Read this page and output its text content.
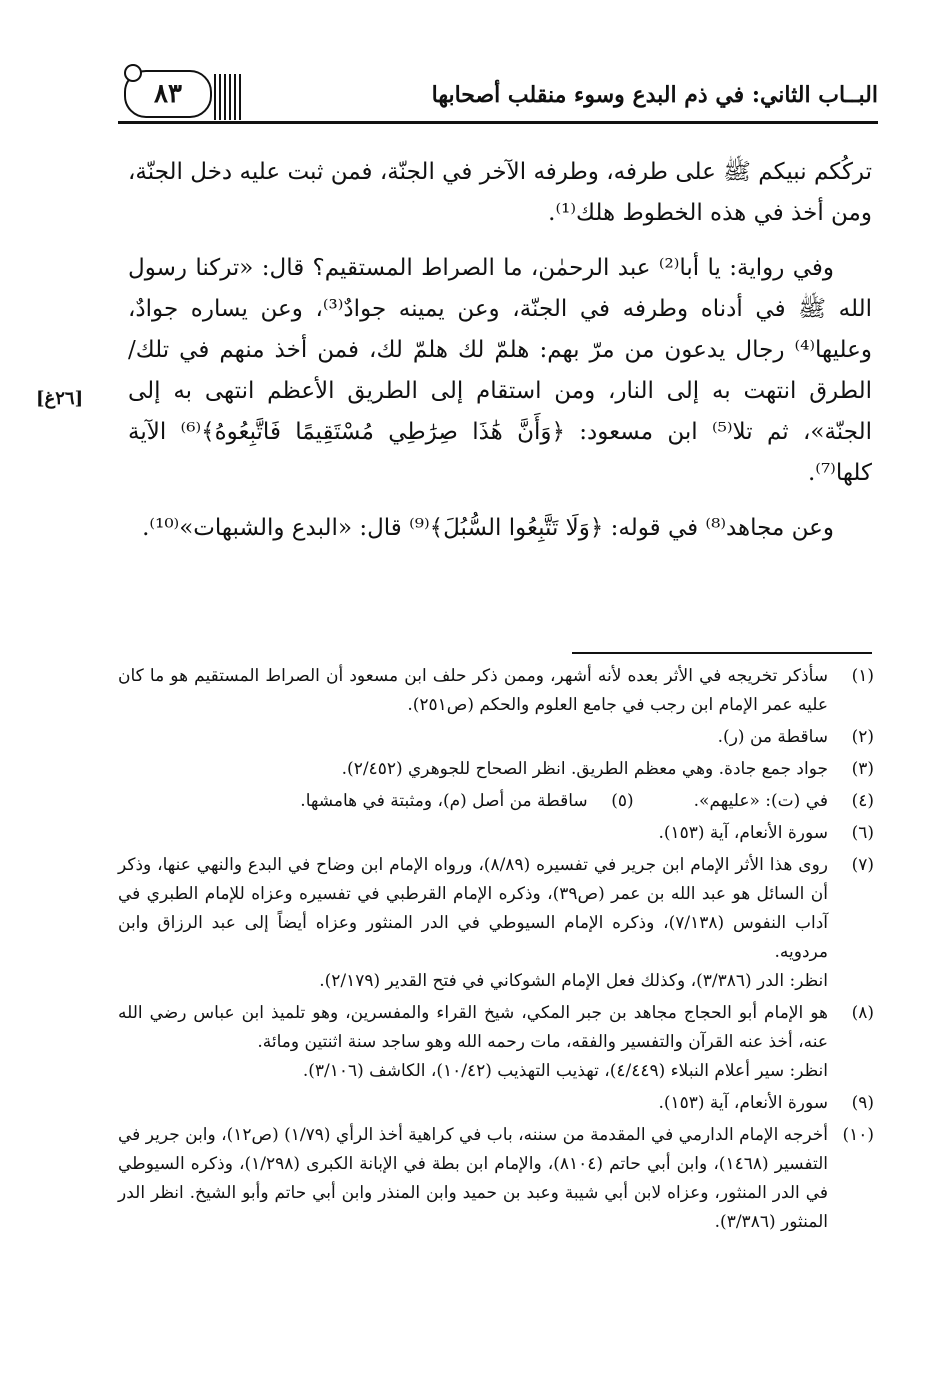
البــاب الثاني: في ذم البدع وسوء منقلب أصحابها
٨٣

تركُكم نبيكم ﷺ على طرفه، وطرفه الآخر في الجنّة، فمن ثبت عليه دخل الجنّة، ومن أخذ في هذه الخطوط هلك⁽¹⁾.

وفي رواية: يا أبا⁽²⁾ عبد الرحمٰن، ما الصراط المستقيم؟ قال: «تركنا رسول الله ﷺ في أدناه وطرفه في الجنّة، وعن يمينه جوادٌ⁽³⁾، وعن يساره جوادٌ، وعليها⁽⁴⁾ رجال يدعون من مرّ بهم: هلمّ لك هلمّ لك، فمن أخذ منهم في تلك/ الطرق انتهت به إلى النار، ومن استقام إلى الطريق الأعظم انتهى به إلى الجنّة»، ثم تلا⁽⁵⁾ ابن مسعود: ﴿وَأَنَّ هَٰذَا صِرَٰطِي مُسْتَقِيمًا فَاتَّبِعُوهُ﴾⁽⁶⁾ الآية كلها⁽⁷⁾.

وعن مجاهد⁽⁸⁾ في قوله: ﴿وَلَا تَتَّبِعُوا السُّبُلَ﴾⁽⁹⁾ قال: «البدع والشبهات»⁽¹⁰⁾.

[٢٦غ]
(١)
سأذكر تخريجه في الأثر بعده لأنه أشهر، وممن ذكر حلف ابن مسعود أن الصراط المستقيم هو ما كان عليه عمر الإمام ابن رجب في جامع العلوم والحكم (ص٢٥١).
(٢)
ساقطة من (ر).
(٣)
جواد جمع جادة. وهي معظم الطريق. انظر الصحاح للجوهري (٢/٤٥٢).
(٤)
في (ت): «عليهم».
(٥)
ساقطة من أصل (م)، ومثبتة في هامشها.
(٦)
سورة الأنعام، آية (١٥٣).
(٧)
روى هذا الأثر الإمام ابن جرير في تفسيره (٨/٨٩)، ورواه الإمام ابن وضاح في البدع والنهي عنها، وذكر أن السائل هو عبد الله بن عمر (ص٣٩)، وذكره الإمام القرطبي في تفسيره وعزاه للإمام الطبري في آداب النفوس (٧/١٣٨)، وذكره الإمام السيوطي في الدر المنثور وعزاه أيضاً إلى عبد الرزاق وابن مردويه.
انظر: الدر (٣/٣٨٦)، وكذلك فعل الإمام الشوكاني في فتح القدير (٢/١٧٩).
(٨)
هو الإمام أبو الحجاج مجاهد بن جبر المكي، شيخ القراء والمفسرين، وهو تلميذ ابن عباس رضي الله عنه، أخذ عنه القرآن والتفسير والفقه، مات رحمه الله وهو ساجد سنة اثنتين ومائة.
انظر: سير أعلام النبلاء (٤/٤٤٩)، تهذيب التهذيب (١٠/٤٢)، الكاشف (٣/١٠٦).
(٩)
سورة الأنعام، آية (١٥٣).
(١٠)
أخرجه الإمام الدارمي في المقدمة من سننه، باب في كراهية أخذ الرأي (١/٧٩) (ص١٢)، وابن جرير في التفسير (١٤٦٨)، وابن أبي حاتم (٨١٠٤)، والإمام ابن بطة في الإبانة الكبرى (١/٢٩٨)، وذكره السيوطي في الدر المنثور، وعزاه لابن أبي شيبة وعبد بن حميد وابن المنذر وابن أبي حاتم وأبو الشيخ. انظر الدر المنثور (٣/٣٨٦).
